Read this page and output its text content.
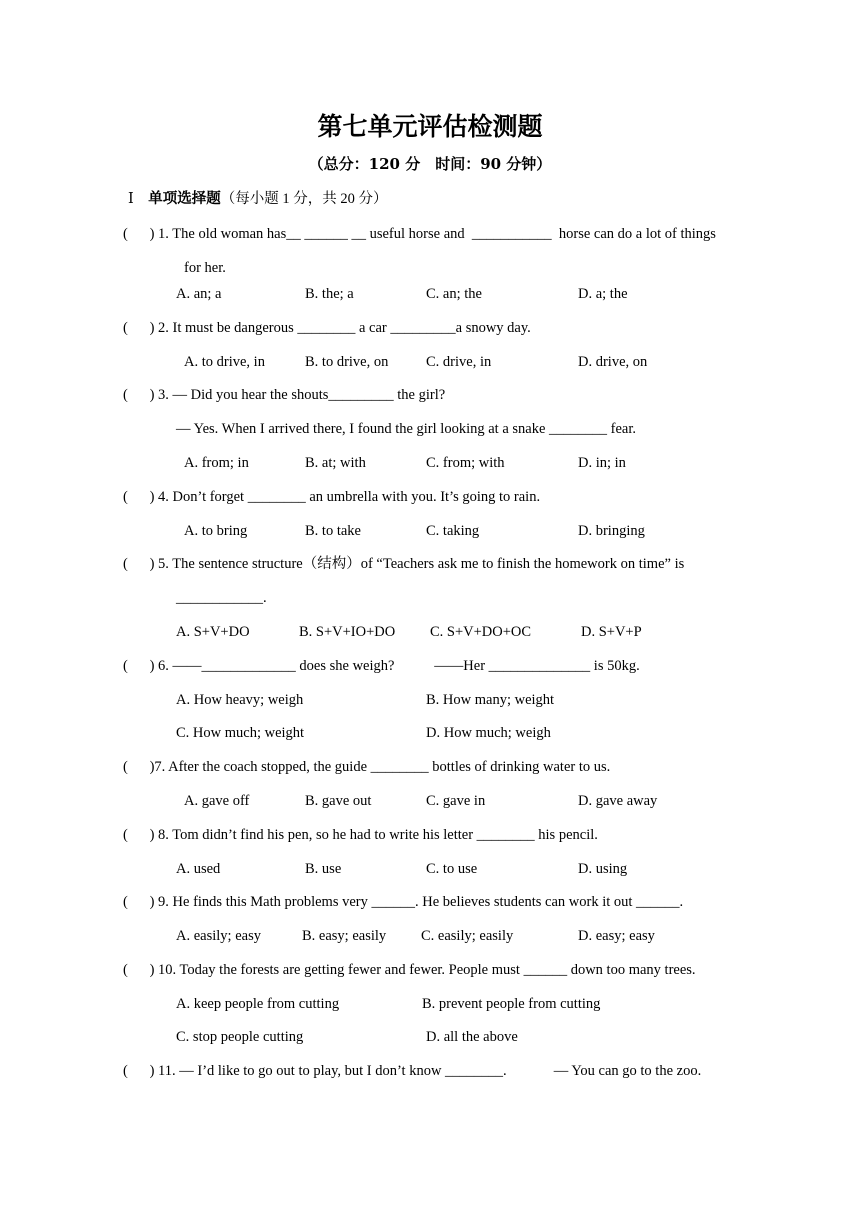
第七单元评估检测题
（总分：120 分　时间：90 分钟）
Ⅰ 单项选择题（每小题 1 分，共 20 分）
(      ) 1. The old woman has__ ______ __ useful horse and  ___________  horse can do a lot of things
for her.
A. an; a	B. the; a	C. an; the	D. a; the
(      ) 2. It must be dangerous ________ a car _________a snowy day.
A. to drive, in	B. to drive, on	C. drive, in	D. drive, on
(      ) 3. — Did you hear the shouts_________ the girl?
— Yes. When I arrived there, I found the girl looking at a snake ________ fear.
A. from; in	B. at; with	C. from; with	D. in; in
(      ) 4. Don’t forget ________ an umbrella with you. It’s going to rain.
A. to bring	B. to take	C. taking	D. bringing
(      ) 5. The sentence structure（结构）of “Teachers ask me to finish the homework on time” is
____________.
A. S+V+DO	B. S+V+IO+DO C. S+V+DO+OC	D. S+V+P
(      ) 6. ——_____________ does she weigh?           ——Her ______________ is 50kg.
A. How heavy; weigh	B. How many; weight
C. How much; weight	D. How much; weigh
(      )7. After the coach stopped, the guide ________ bottles of drinking water to us.
A. gave off	B. gave out	C. gave in	D. gave away
(      ) 8. Tom didn’t find his pen, so he had to write his letter ________ his pencil.
A. used	B. use	C. to use	D. using
(      ) 9. He finds this Math problems very ______. He believes students can work it out ______.
A. easily; easy	B. easy; easily C. easily; easily	D. easy; easy
(      ) 10. Today the forests are getting fewer and fewer. People must ______ down too many trees.
A. keep people from cutting	B. prevent people from cutting
C. stop people cutting	D. all the above
(      ) 11. — I’d like to go out to play, but I don’t know ________.             — You can go to the zoo.
